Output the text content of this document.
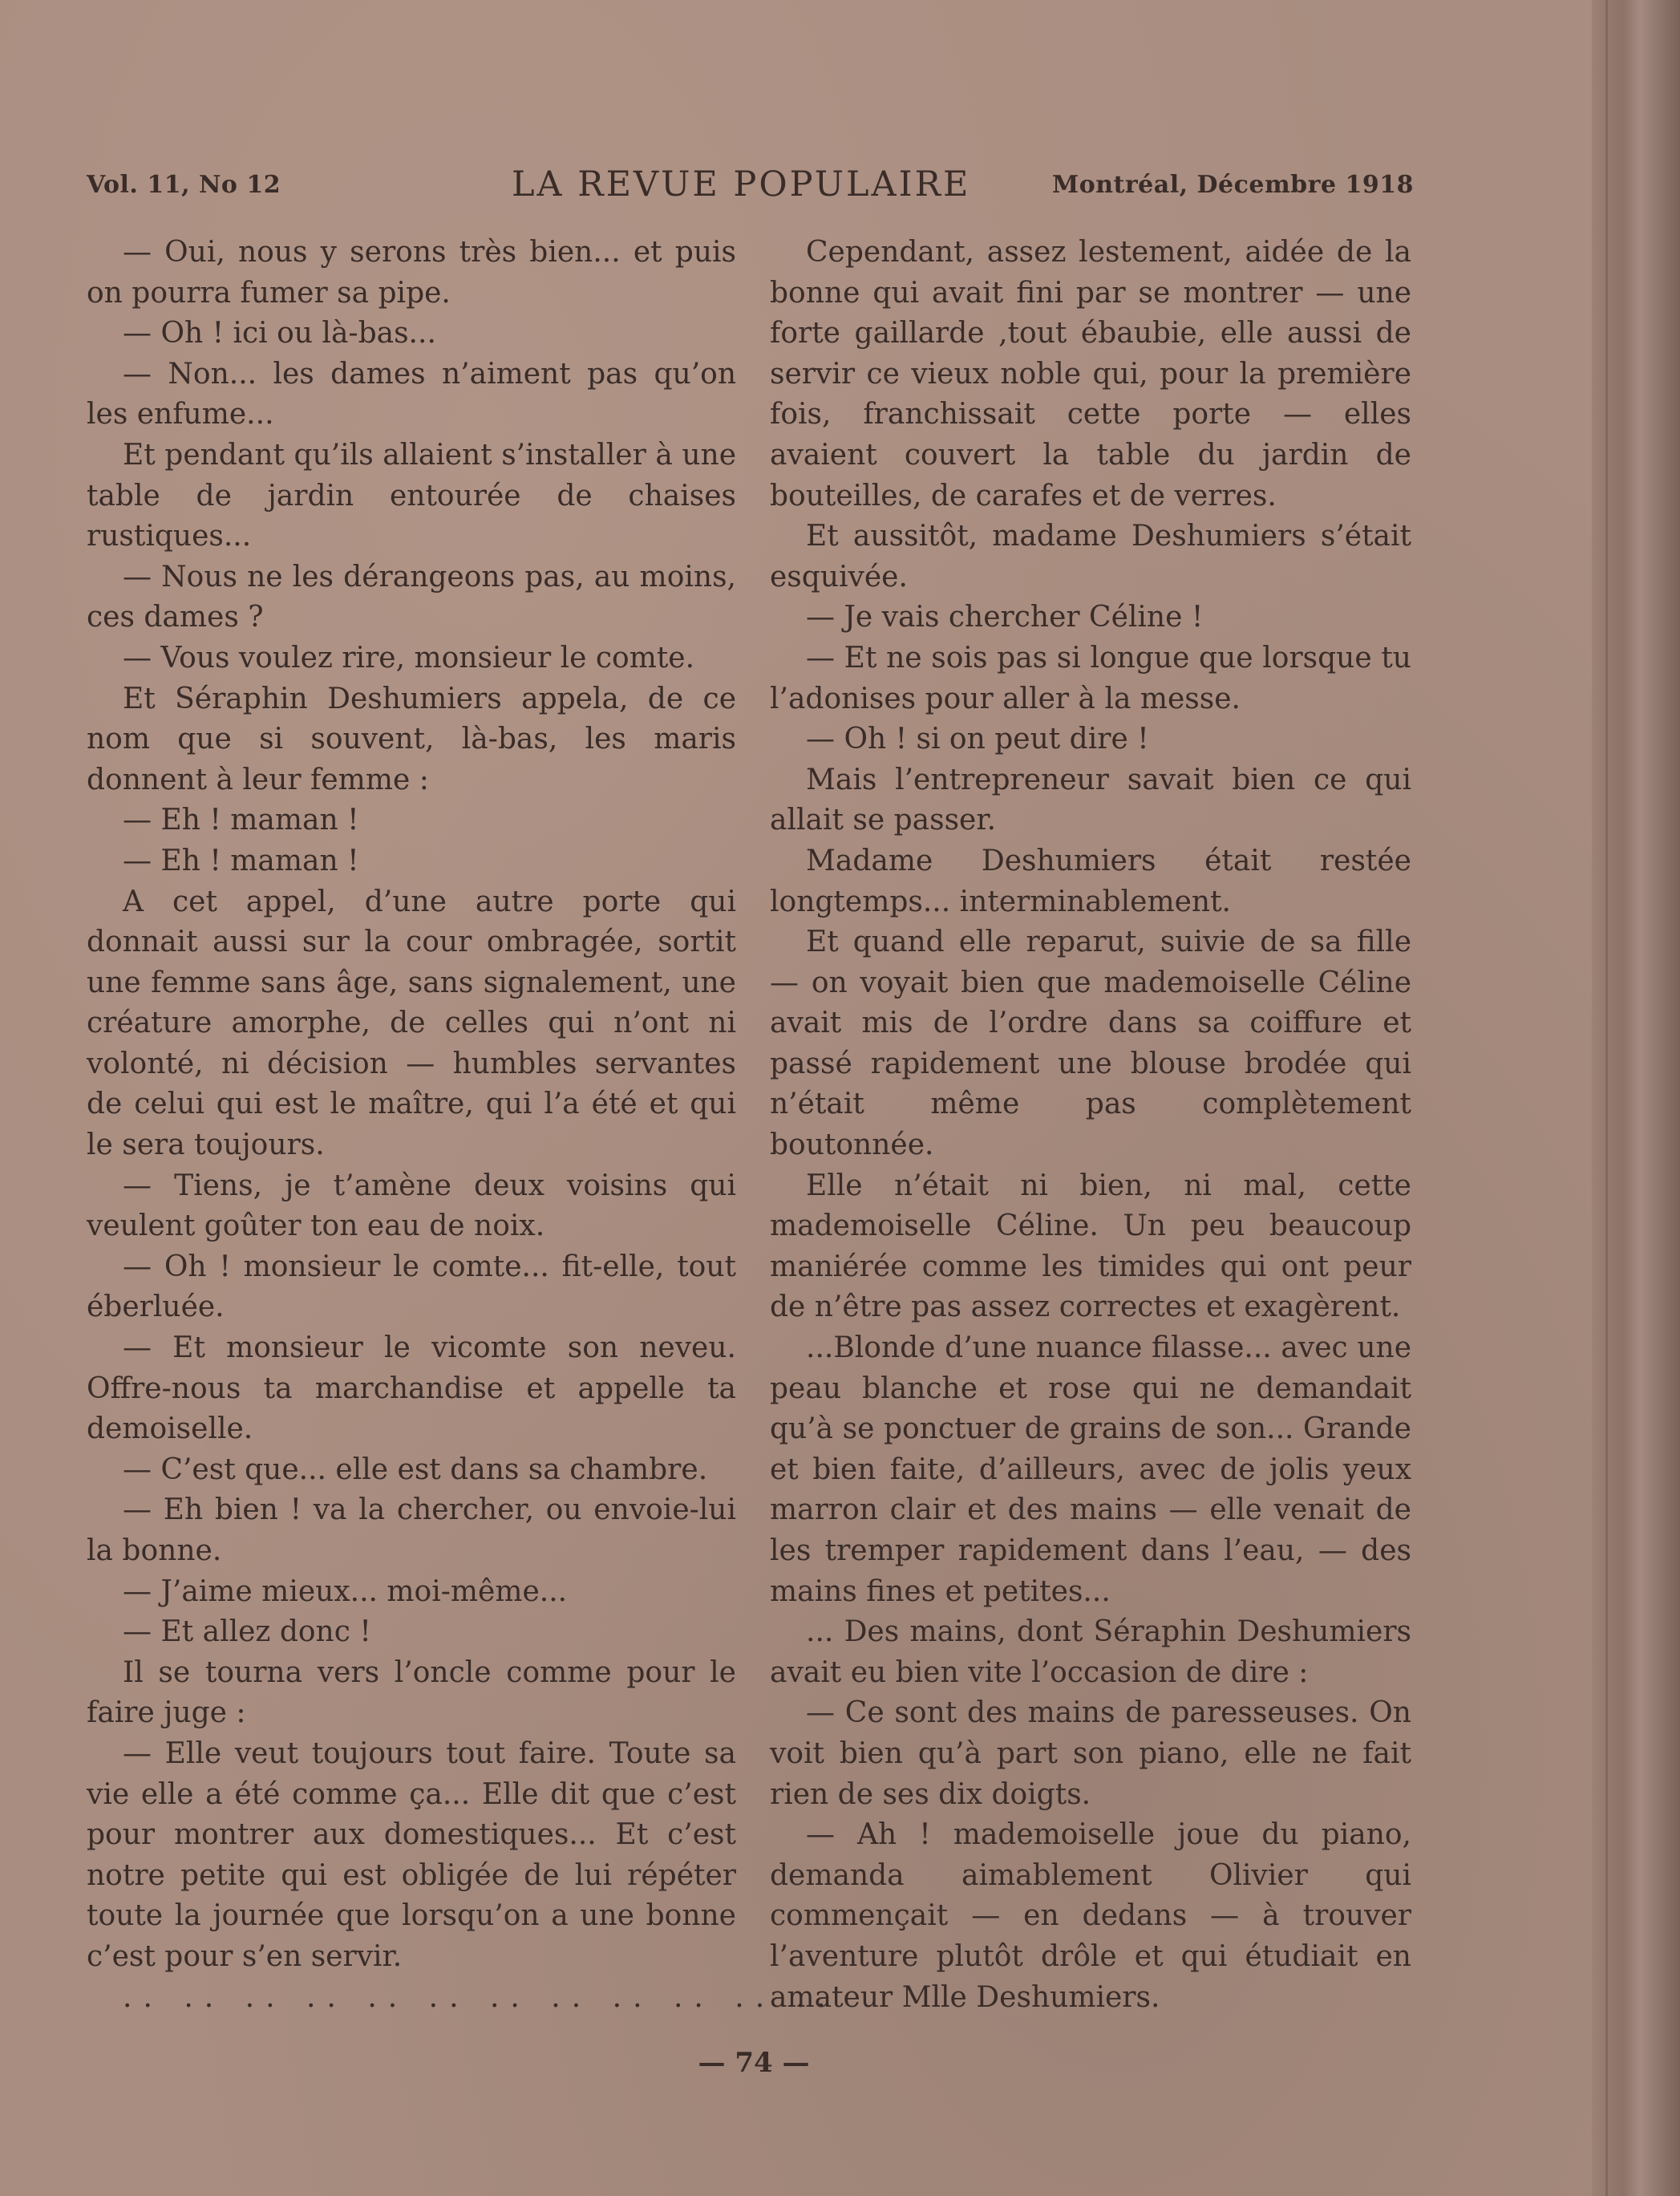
Vol. 11, No 12	LA REVUE POPULAIRE	Montréal, Décembre 1918

— Oui, nous y serons très bien... et puis on pourra fumer sa pipe.

— Oh ! ici ou là-bas...

— Non... les dames n’aiment pas qu’on les enfume...

Et pendant qu’ils allaient s’installer à une table de jardin entourée de chaises rustiques...

— Nous ne les dérangeons pas, au moins, ces dames ?

— Vous voulez rire, monsieur le comte.

Et Séraphin Deshumiers appela, de ce nom que si souvent, là-bas, les maris donnent à leur femme :

— Eh ! maman !

— Eh ! maman !

A cet appel, d’une autre porte qui donnait aussi sur la cour ombragée, sortit une femme sans âge, sans signalement, une créature amorphe, de celles qui n’ont ni volonté, ni décision — humbles servantes de celui qui est le maître, qui l’a été et qui le sera toujours.

— Tiens, je t’amène deux voisins qui veulent goûter ton eau de noix.

— Oh ! monsieur le comte... fit-elle, tout éberluée.

— Et monsieur le vicomte son neveu. Offre-nous ta marchandise et appelle ta demoiselle.

— C’est que... elle est dans sa chambre.

— Eh bien ! va la chercher, ou envoie-lui la bonne.

— J’aime mieux... moi-même...

— Et allez donc !

Il se tourna vers l’oncle comme pour le faire juge :

— Elle veut toujours tout faire. Toute sa vie elle a été comme ça... Elle dit que c’est pour montrer aux domestiques... Et c’est notre petite qui est obligée de lui répéter toute la journée que lorsqu’on a une bonne c’est pour s’en servir.

.. .. .. .. .. .. .. .. .. .. .. ..

Cependant, assez lestement, aidée de la bonne qui avait fini par se montrer — une forte gaillarde ,tout ébaubie, elle aussi de servir ce vieux noble qui, pour la première fois, franchissait cette porte — elles avaient couvert la table du jardin de bouteilles, de carafes et de verres.

Et aussitôt, madame Deshumiers s’était esquivée.

— Je vais chercher Céline !

— Et ne sois pas si longue que lorsque tu l’adonises pour aller à la messe.

— Oh ! si on peut dire !

Mais l’entrepreneur savait bien ce qui allait se passer.

Madame Deshumiers était restée longtemps... interminablement.

Et quand elle reparut, suivie de sa fille — on voyait bien que mademoiselle Céline avait mis de l’ordre dans sa coiffure et passé rapidement une blouse brodée qui n’était même pas complètement boutonnée.

Elle n’était ni bien, ni mal, cette mademoiselle Céline. Un peu beaucoup maniérée comme les timides qui ont peur de n’être pas assez correctes et exagèrent.

...Blonde d’une nuance filasse... avec une peau blanche et rose qui ne demandait qu’à se ponctuer de grains de son... Grande et bien faite, d’ailleurs, avec de jolis yeux marron clair et des mains — elle venait de les tremper rapidement dans l’eau, — des mains fines et petites...

... Des mains, dont Séraphin Deshumiers avait eu bien vite l’occasion de dire :

— Ce sont des mains de paresseuses. On voit bien qu’à part son piano, elle ne fait rien de ses dix doigts.

— Ah ! mademoiselle joue du piano, demanda aimablement Olivier qui commençait — en dedans — à trouver l’aventure plutôt drôle et qui étudiait en amateur Mlle Deshumiers.

— 74 —
